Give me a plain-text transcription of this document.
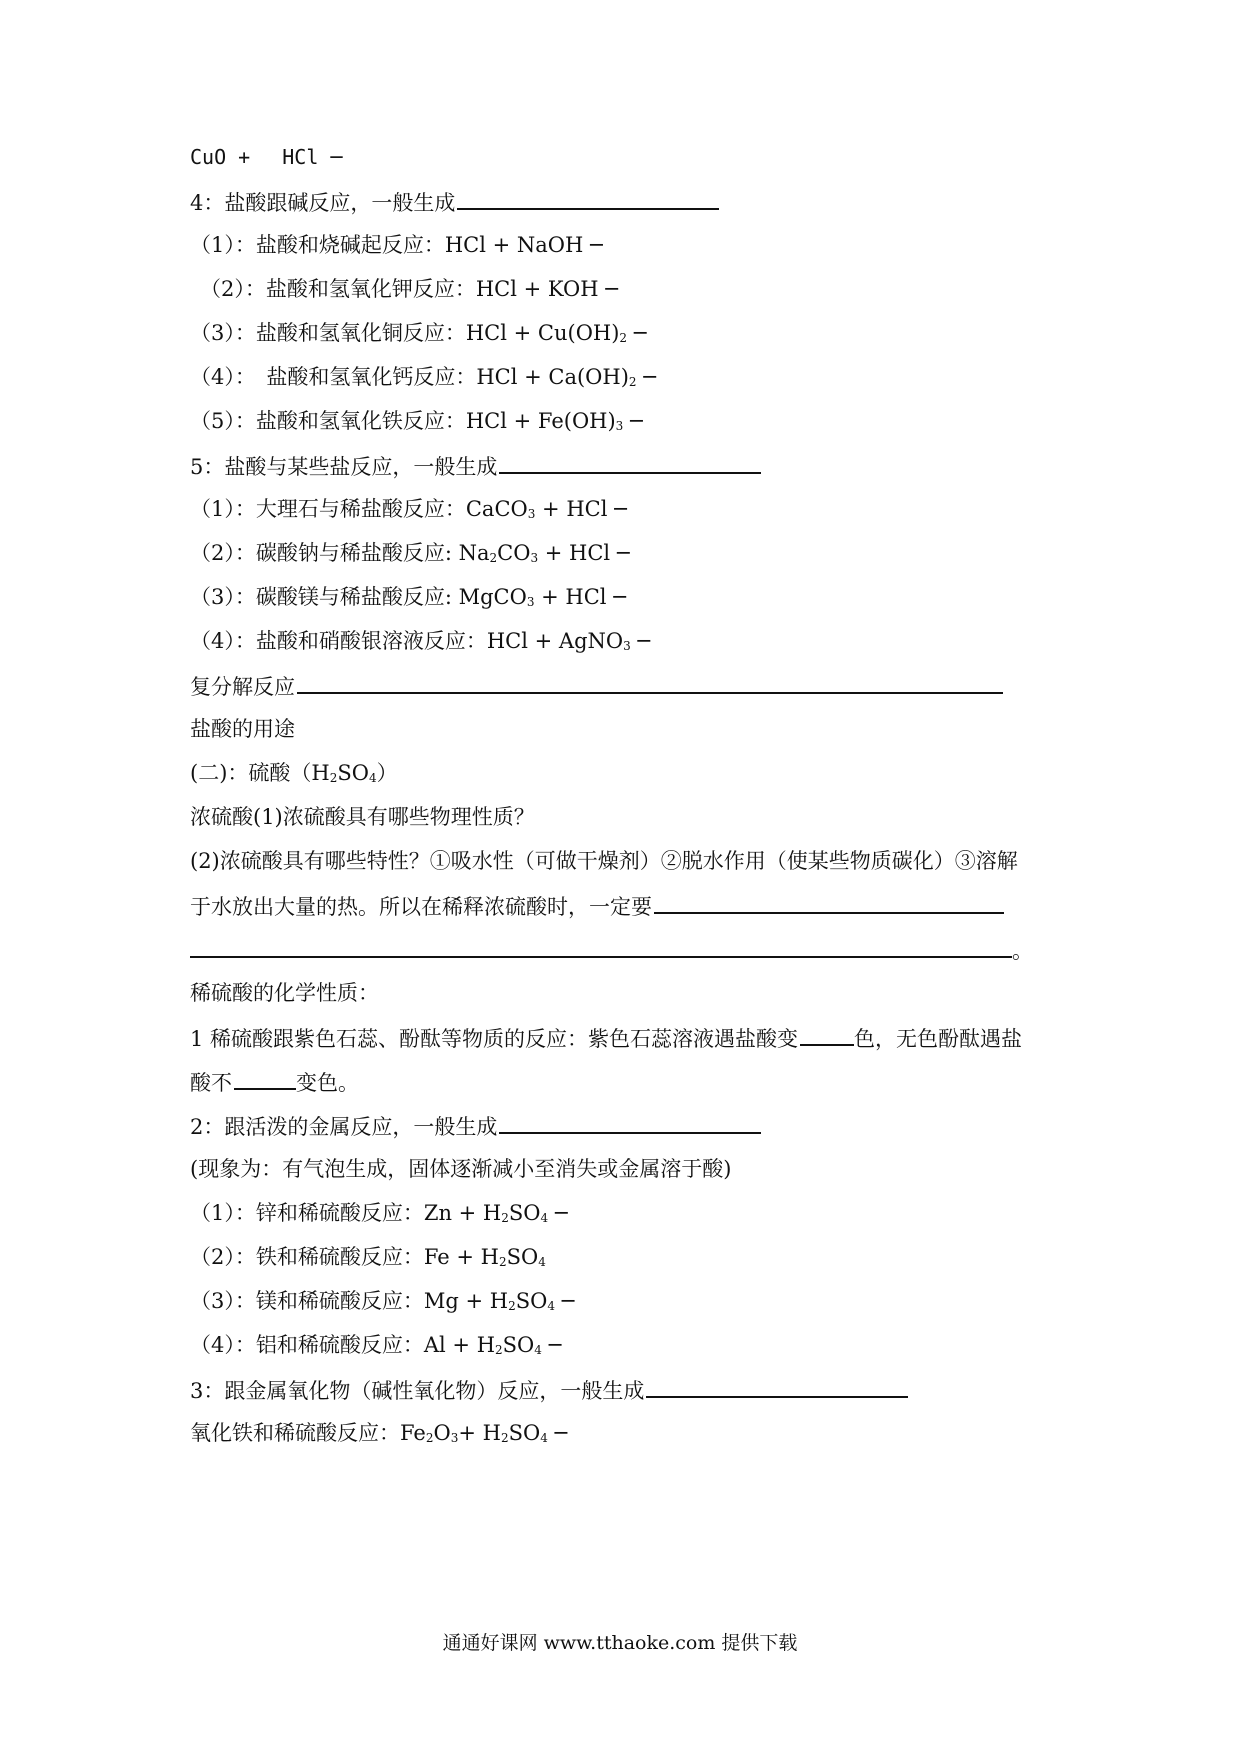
CuO +　 HCl ─
4：盐酸跟碱反应，一般生成
（1）：盐酸和烧碱起反应：HCl + NaOH ─
（2）：盐酸和氢氧化钾反应：HCl + KOH ─
（3）：盐酸和氢氧化铜反应：HCl + $Cu(OH)_2$ ─
（4）：　盐酸和氢氧化钙反应：HCl + $Ca(OH)_2$ ─
（5）：盐酸和氢氧化铁反应：HCl + $Fe(OH)_3$ ─
5：盐酸与某些盐反应，一般生成
（1）：大理石与稀盐酸反应：CaCO$_3$ + HCl ─
（2）：碳酸钠与稀盐酸反应: $Na_2CO_3$ + HCl ─
（3）：碳酸镁与稀盐酸反应: MgCO$_3$ + HCl ─
（4）：盐酸和硝酸银溶液反应：HCl + AgNO$_3$ ─
复分解反应
盐酸的用途
(二)：硫酸$(H_2SO_4)$
浓硫酸(1)浓硫酸具有哪些物理性质？
(2)浓硫酸具有哪些特性？①吸水性（可做干燥剂）②脱水作用（使某些物质碳化）③溶解
于水放出大量的热。所以在稀释浓硫酸时，一定要
。
稀硫酸的化学性质：
1 稀硫酸跟紫色石蕊、酚酞等物质的反应：紫色石蕊溶液遇盐酸变	色，无色酚酞遇盐
酸不	变色。
2：跟活泼的金属反应，一般生成
(现象为：有气泡生成，固体逐渐减小至消失或金属溶于酸)
（1）：锌和稀硫酸反应：$Zn + H_2SO_4$ ─
（2）：铁和稀硫酸反应：$Fe + H_2SO_4$
（3）：镁和稀硫酸反应：$Mg + H_2SO_4$ ─
（4）：铝和稀硫酸反应：$Al + H_2SO_4$ ─
3：跟金属氧化物（碱性氧化物）反应，一般生成
氧化铁和稀硫酸反应：$Fe_2O_3+ H_2SO_4$ ─
通通好课网 www.tthaoke.com 提供下载
